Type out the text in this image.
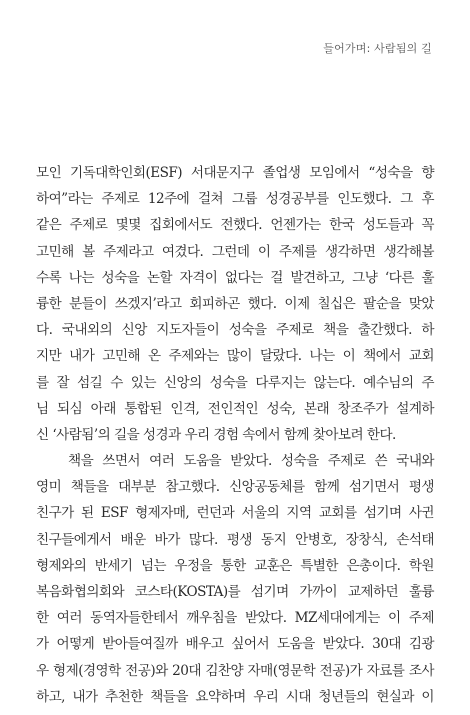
들어가며: 사람됨의 길
모인 기독대학인회(ESF) 서대문지구 졸업생 모임에서 “성숙을 향
하여”라는 주제로 12주에 걸쳐 그룹 성경공부를 인도했다. 그 후
같은 주제로 몇몇 집회에서도 전했다. 언젠가는 한국 성도들과 꼭
고민해 볼 주제라고 여겼다. 그런데 이 주제를 생각하면 생각해볼
수록 나는 성숙을 논할 자격이 없다는 걸 발견하고, 그냥 ‘다른 훌
륭한 분들이 쓰겠지’라고 회피하곤 했다. 이제 칠십은 팔순을 맞았
다. 국내외의 신앙 지도자들이 성숙을 주제로 책을 출간했다. 하
지만 내가 고민해 온 주제와는 많이 달랐다. 나는 이 책에서 교회
를 잘 섬길 수 있는 신앙의 성숙을 다루지는 않는다. 예수님의 주
님 되심 아래 통합된 인격, 전인적인 성숙, 본래 창조주가 설계하
신 ‘사람됨’의 길을 성경과 우리 경험 속에서 함께 찾아보려 한다.
책을 쓰면서 여러 도움을 받았다. 성숙을 주제로 쓴 국내와
영미 책들을 대부분 참고했다. 신앙공동체를 함께 섬기면서 평생
친구가 된 ESF 형제자매, 런던과 서울의 지역 교회를 섬기며 사귄
친구들에게서 배운 바가 많다. 평생 동지 안병호, 장창식, 손석태
형제와의 반세기 넘는 우정을 통한 교훈은 특별한 은총이다. 학원
복음화협의회와 코스타(KOSTA)를 섬기며 가까이 교제하던 훌륭
한 여러 동역자들한테서 깨우침을 받았다. MZ세대에게는 이 주제
가 어떻게 받아들여질까 배우고 싶어서 도움을 받았다. 30대 김광
우 형제(경영학 전공)와 20대 김찬양 자매(영문학 전공)가 자료를 조사
하고, 내가 추천한 책들을 요약하며 우리 시대 청년들의 현실과 이
